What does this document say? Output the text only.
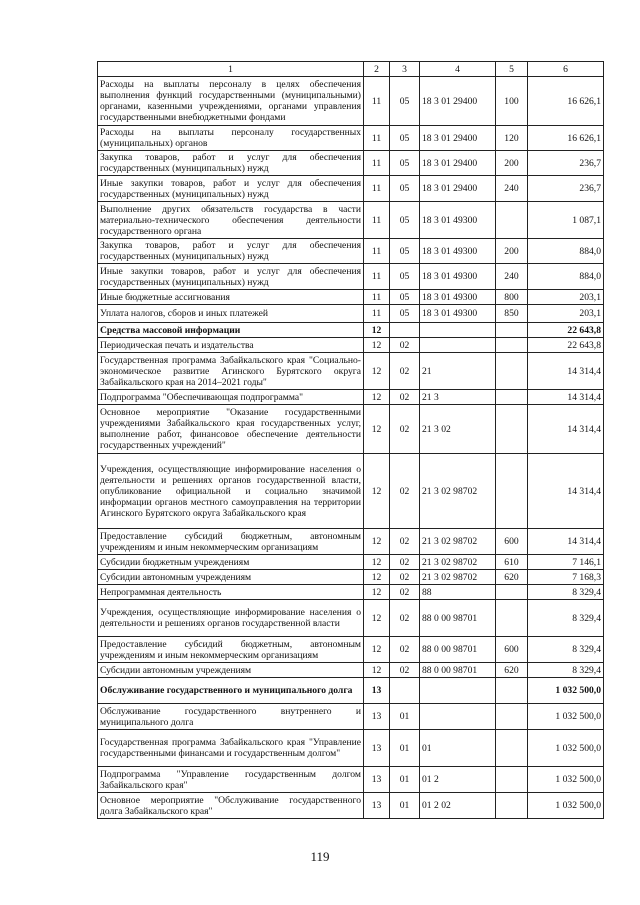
1	2	3	4	5	6
Расходы на выплаты персоналу в целях обеспечения выполнения функций государственными (муниципальными) органами, казенными учреждениями, органами управления государственными внебюджетными фондами	11	05	18 3 01 29400	100	16 626,1
Расходы на выплаты персоналу государственных (муниципальных) органов	11	05	18 3 01 29400	120	16 626,1
Закупка товаров, работ и услуг для обеспечения государственных (муниципальных) нужд	11	05	18 3 01 29400	200	236,7
Иные закупки товаров, работ и услуг для обеспечения государственных (муниципальных) нужд	11	05	18 3 01 29400	240	236,7
Выполнение других обязательств государства в части материально-технического обеспечения деятельности государственного органа	11	05	18 3 01 49300		1 087,1
Закупка товаров, работ и услуг для обеспечения государственных (муниципальных) нужд	11	05	18 3 01 49300	200	884,0
Иные закупки товаров, работ и услуг для обеспечения государственных (муниципальных) нужд	11	05	18 3 01 49300	240	884,0
Иные бюджетные ассигнования	11	05	18 3 01 49300	800	203,1
Уплата налогов, сборов и иных платежей	11	05	18 3 01 49300	850	203,1
Средства массовой информации	12				22 643,8
Периодическая печать и издательства	12	02			22 643,8
Государственная программа Забайкальского края "Социально-экономическое развитие Агинского Бурятского округа Забайкальского края на 2014–2021 годы"	12	02	21		14 314,4
Подпрограмма "Обеспечивающая подпрограмма"	12	02	21 3		14 314,4
Основное мероприятие "Оказание государственными учреждениями Забайкальского края государственных услуг, выполнение работ, финансовое обеспечение деятельности государственных учреждений"	12	02	21 3 02		14 314,4
Учреждения, осуществляющие информирование населения о деятельности и решениях органов государственной власти, опубликование официальной и социально значимой информации органов местного самоуправления на территории Агинского Бурятского округа Забайкальского края	12	02	21 3 02 98702		14 314,4
Предоставление субсидий бюджетным, автономным учреждениям и иным некоммерческим организациям	12	02	21 3 02 98702	600	14 314,4
Субсидии бюджетным учреждениям	12	02	21 3 02 98702	610	7 146,1
Субсидии автономным учреждениям	12	02	21 3 02 98702	620	7 168,3
Непрограммная деятельность	12	02	88		8 329,4
Учреждения, осуществляющие информирование населения о деятельности и решениях органов государственной власти	12	02	88 0 00 98701		8 329,4
Предоставление субсидий бюджетным, автономным учреждениям и иным некоммерческим организациям	12	02	88 0 00 98701	600	8 329,4
Субсидии автономным учреждениям	12	02	88 0 00 98701	620	8 329,4
Обслуживание государственного и муниципального долга	13				1 032 500,0
Обслуживание государственного внутреннего и муниципального долга	13	01			1 032 500,0
Государственная программа Забайкальского края "Управление государственными финансами и государственным долгом"	13	01	01		1 032 500,0
Подпрограмма "Управление государственным долгом Забайкальского края"	13	01	01 2		1 032 500,0
Основное мероприятие "Обслуживание государственного долга Забайкальского края"	13	01	01 2 02		1 032 500,0
119
